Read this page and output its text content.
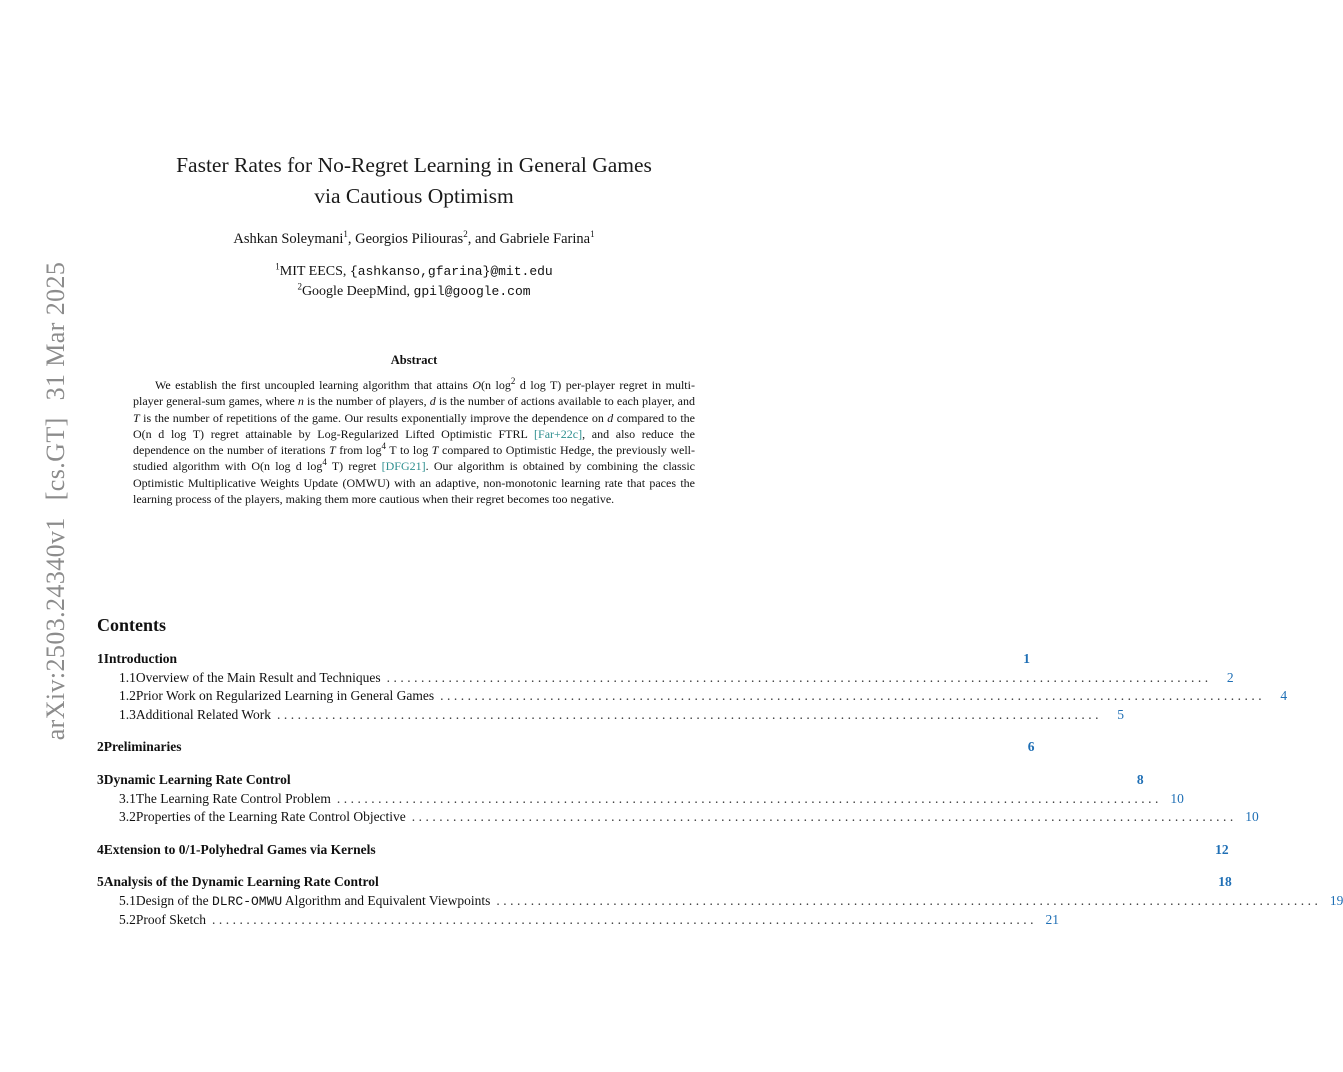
arXiv:2503.24340v1 [cs.GT] 31 Mar 2025
Faster Rates for No-Regret Learning in General Games
via Cautious Optimism
Ashkan Soleymani$^1$, Georgios Piliouras$^2$, and Gabriele Farina$^1$
$^1$MIT EECS, {ashkanso,gfarina}@mit.edu
$^2$Google DeepMind, gpil@google.com
Abstract

We establish the first uncoupled learning algorithm that attains O(n $\log^2 d$ log T) per-player regret in multi-player general-sum games, where n is the number of players, d is the number of actions available to each player, and T is the number of repetitions of the game. Our results exponentially improve the dependence on d compared to the O(n d log T) regret attainable by Log-Regularized Lifted Optimistic FTRL [Far+22c], and also reduce the dependence on the number of iterations T from $\log^4 T$ to log T compared to Optimistic Hedge, the previously well-studied algorithm with O(n log d $\log^4 T$) regret [DFG21]. Our algorithm is obtained by combining the classic Optimistic Multiplicative Weights Update (OMWU) with an adaptive, non-monotonic learning rate that paces the learning process of the players, making them more cautious when their regret becomes too negative.

Contents
1 Introduction	1
1.1 Overview of the Main Result and Techniques ........................................................................................................................	2
1.2 Prior Work on Regularized Learning in General Games ........................................................................................................................	4
1.3 Additional Related Work ........................................................................................................................	5
2 Preliminaries	6
3 Dynamic Learning Rate Control	8
3.1 The Learning Rate Control Problem ........................................................................................................................ 10
3.2 Properties of the Learning Rate Control Objective ........................................................................................................................ 10
4 Extension to 0/1-Polyhedral Games via Kernels	12
5 Analysis of the Dynamic Learning Rate Control	18
5.1 Design of the DLRC-OMWU Algorithm and Equivalent Viewpoints ........................................................................................................................ 19
5.2 Proof Sketch ........................................................................................................................ 21
